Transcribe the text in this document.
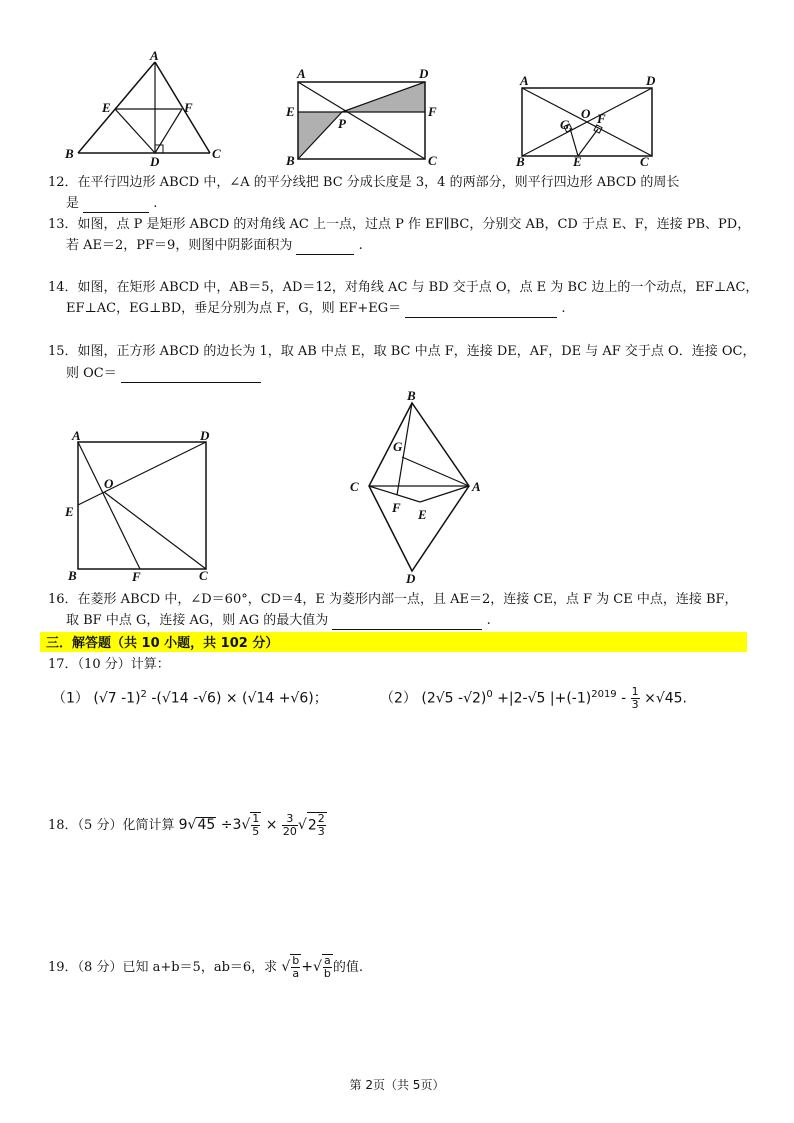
A
B	C
D
E	F
A	D
E	F
P
B	C
A	D
O
G F
B	E	C
12．在平行四边形 ABCD 中，∠A 的平分线把 BC 分成长度是 3，4 的两部分，则平行四边形 ABCD 的周长
是	.
13．如图，点 P 是矩形 ABCD 的对角线 AC 上一点，过点 P 作 EF∥BC，分别交 AB，CD 于点 E、F，连接 PB、PD，
若 AE＝2，PF＝9，则图中阴影面积为	.
14．如图，在矩形 ABCD 中，AB＝5，AD＝12，对角线 AC 与 BD 交于点 O，点 E 为 BC 边上的一个动点，EF⊥AC，
EF⊥AC，EG⊥BD，垂足分别为点 F，G，则 EF+EG＝	.
15．如图，正方形 ABCD 的边长为 1，取 AB 中点 E，取 BC 中点 F，连接 DE，AF，DE 与 AF 交于点 O．连接 OC，
则 OC＝
A	D
E
O
B	F	C
B
G
C	A
F E
D
16．在菱形 ABCD 中，∠D＝60°，CD＝4，E 为菱形内部一点，且 AE＝2，连接 CE，点 F 为 CE 中点，连接 BF，
取 BF 中点 G，连接 AG，则 AG 的最大值为	.
三．解答题（共 10 小题，共 102 分）
17．（10 分）计算：
（1） (√7 -1)$^2$ -(√14 -√6) × (√14 +√6)；	（2） (2√5 -√2)$^0$ +|2-√5 $|+(-1)^{2019} - \frac{1}{3} \times√45$.
18．（5 分）化简计算 $9√45 \div 3√ \frac{1}{5} \times \frac{3}{20} √2 \frac{2}{3}$
19．（8 分）已知 a+b＝5，ab＝6，求 √ $\frac{b}{a}$ +√ $\frac{a}{b}$ 的值.
第 2页（共 5页）
